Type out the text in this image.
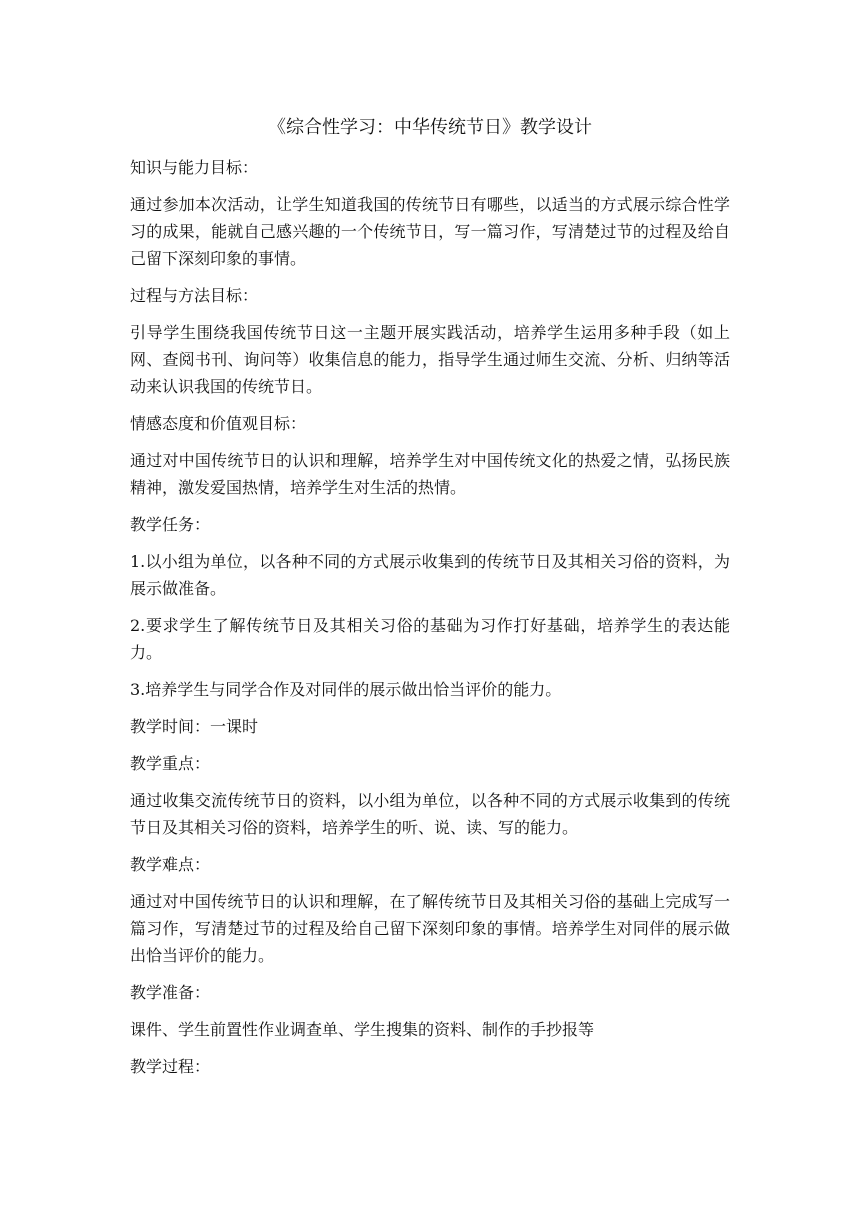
《综合性学习：中华传统节日》教学设计
知识与能力目标：
通过参加本次活动，让学生知道我国的传统节日有哪些，以适当的方式展示综合性学习的成果，能就自己感兴趣的一个传统节日，写一篇习作，写清楚过节的过程及给自己留下深刻印象的事情。
过程与方法目标：
引导学生围绕我国传统节日这一主题开展实践活动，培养学生运用多种手段（如上网、查阅书刊、询问等）收集信息的能力，指导学生通过师生交流、分析、归纳等活动来认识我国的传统节日。
情感态度和价值观目标：
通过对中国传统节日的认识和理解，培养学生对中国传统文化的热爱之情，弘扬民族精神，激发爱国热情，培养学生对生活的热情。
教学任务：
1.以小组为单位，以各种不同的方式展示收集到的传统节日及其相关习俗的资料，为展示做准备。
2.要求学生了解传统节日及其相关习俗的基础为习作打好基础，培养学生的表达能力。
3.培养学生与同学合作及对同伴的展示做出恰当评价的能力。
教学时间：一课时
教学重点：
通过收集交流传统节日的资料，以小组为单位，以各种不同的方式展示收集到的传统节日及其相关习俗的资料，培养学生的听、说、读、写的能力。
教学难点：
通过对中国传统节日的认识和理解，在了解传统节日及其相关习俗的基础上完成写一篇习作，写清楚过节的过程及给自己留下深刻印象的事情。培养学生对同伴的展示做出恰当评价的能力。
教学准备：
课件、学生前置性作业调查单、学生搜集的资料、制作的手抄报等
教学过程：
